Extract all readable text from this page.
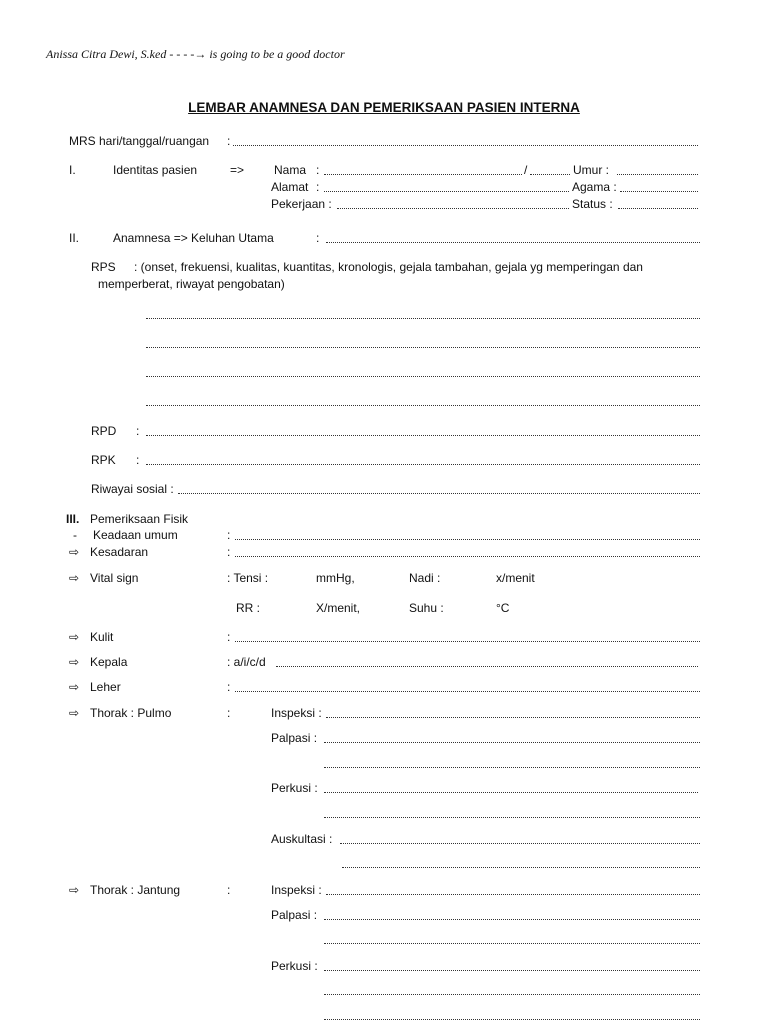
Anissa Citra Dewi, S.ked - - - -→ is going to be a good doctor
LEMBAR ANAMNESA DAN PEMERIKSAAN PASIEN INTERNA
MRS hari/tanggal/ruangan :
I.	Identitas pasien	=> Nama :	/	Umur :
Alamat :	Agama :
Pekerjaan :	Status :
II.	Anamnesa => Keluhan Utama	:
RPS : (onset, frekuensi, kualitas, kuantitas, kronologis, gejala tambahan, gejala yg memperingan dan
memperberat, riwayat pengobatan)
RPD :
RPK :
Riwayai sosial :
III. Pemeriksaan Fisik
- Keadaan umum	:
⇨ Kesadaran	:
⇨ Vital sign	: Tensi :	mmHg,	Nadi :	x/menit
RR :	X/menit,	Suhu :	°C
⇨ Kulit	:
⇨ Kepala	: a/i/c/d
⇨ Leher	:
⇨ Thorak : Pulmo	:	Inspeksi :
Palpasi :
Perkusi :
Auskultasi :
⇨ Thorak : Jantung	:	Inspeksi :
Palpasi :
Perkusi :
